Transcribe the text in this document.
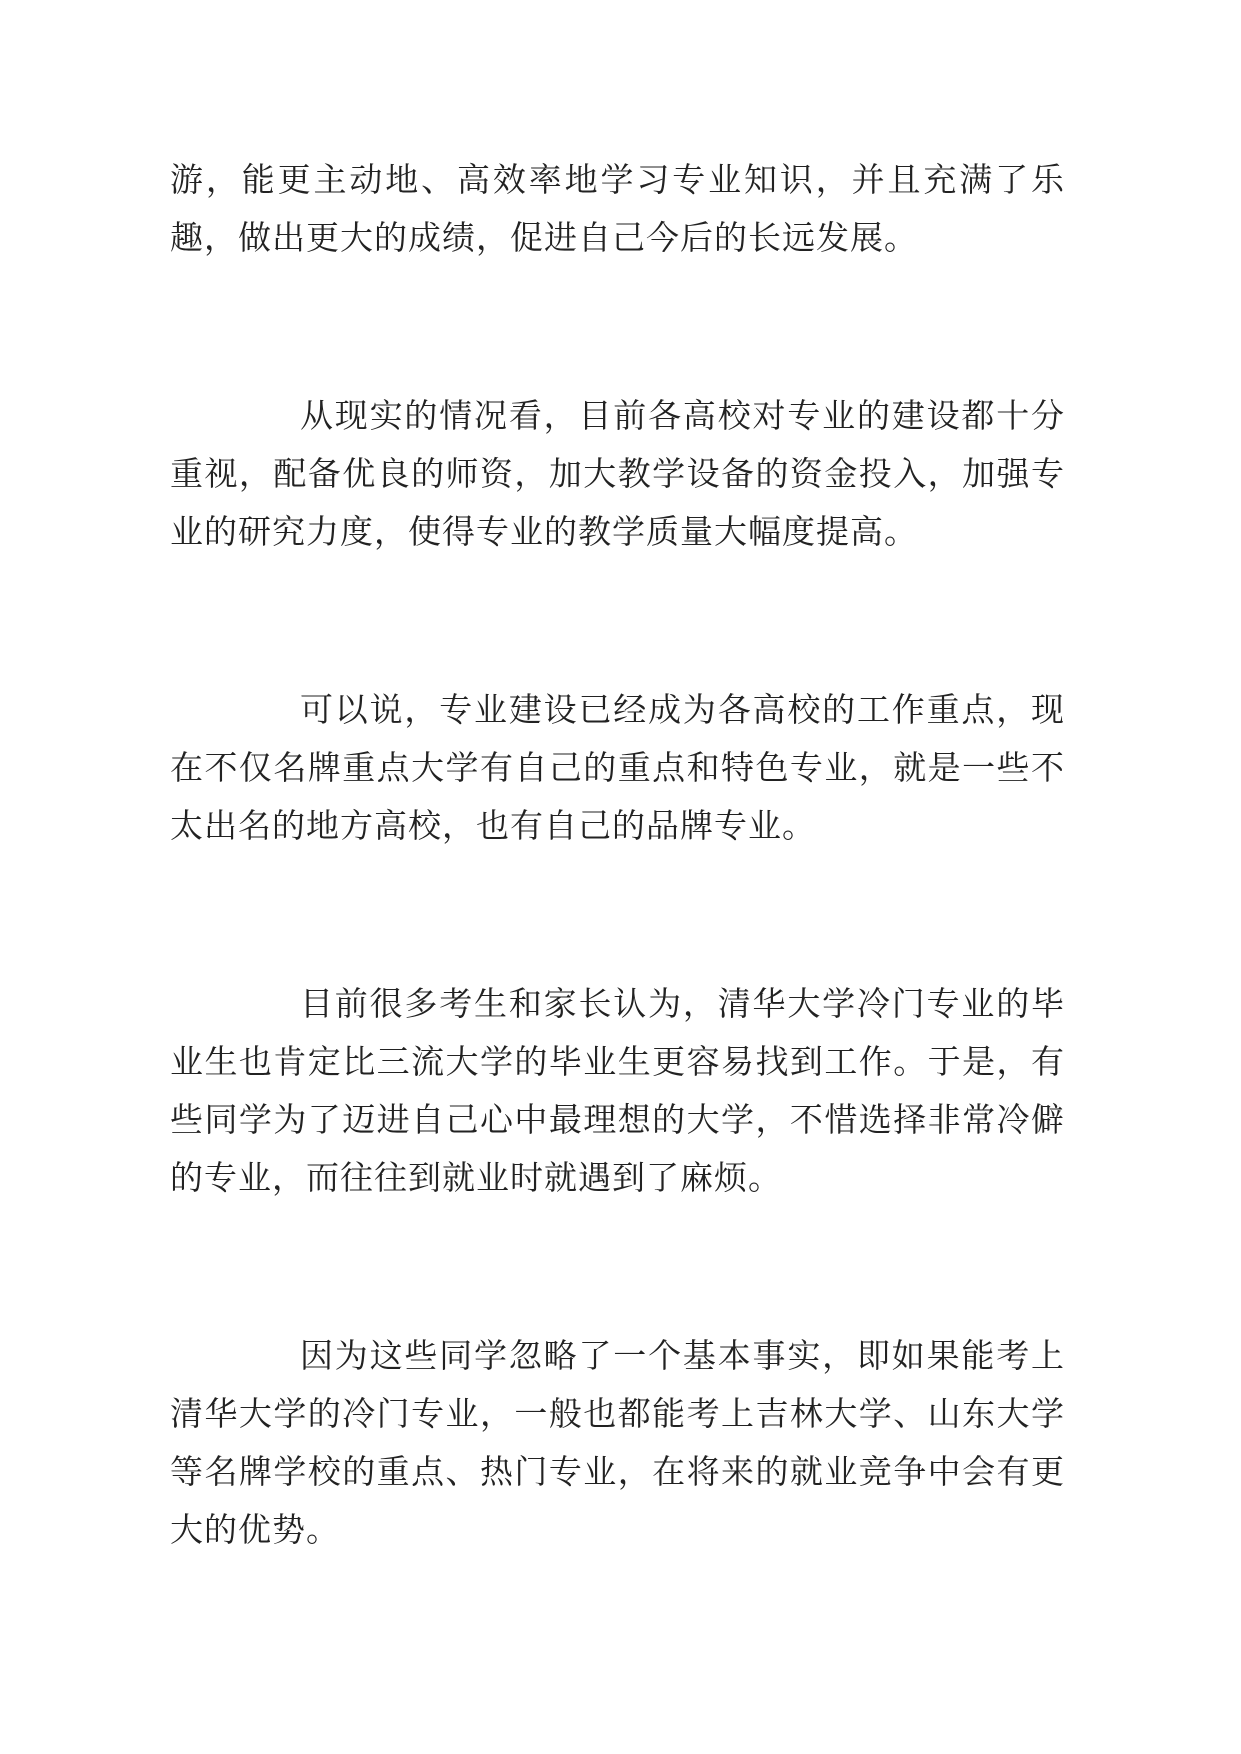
游，能更主动地、高效率地学习专业知识，并且充满了乐趣，做出更大的成绩，促进自己今后的长远发展。

从现实的情况看，目前各高校对专业的建设都十分重视，配备优良的师资，加大教学设备的资金投入，加强专业的研究力度，使得专业的教学质量大幅度提高。

可以说，专业建设已经成为各高校的工作重点，现在不仅名牌重点大学有自己的重点和特色专业，就是一些不太出名的地方高校，也有自己的品牌专业。

目前很多考生和家长认为，清华大学冷门专业的毕业生也肯定比三流大学的毕业生更容易找到工作。于是，有些同学为了迈进自己心中最理想的大学，不惜选择非常冷僻的专业，而往往到就业时就遇到了麻烦。

因为这些同学忽略了一个基本事实，即如果能考上清华大学的冷门专业，一般也都能考上吉林大学、山东大学等名牌学校的重点、热门专业，在将来的就业竞争中会有更大的优势。
